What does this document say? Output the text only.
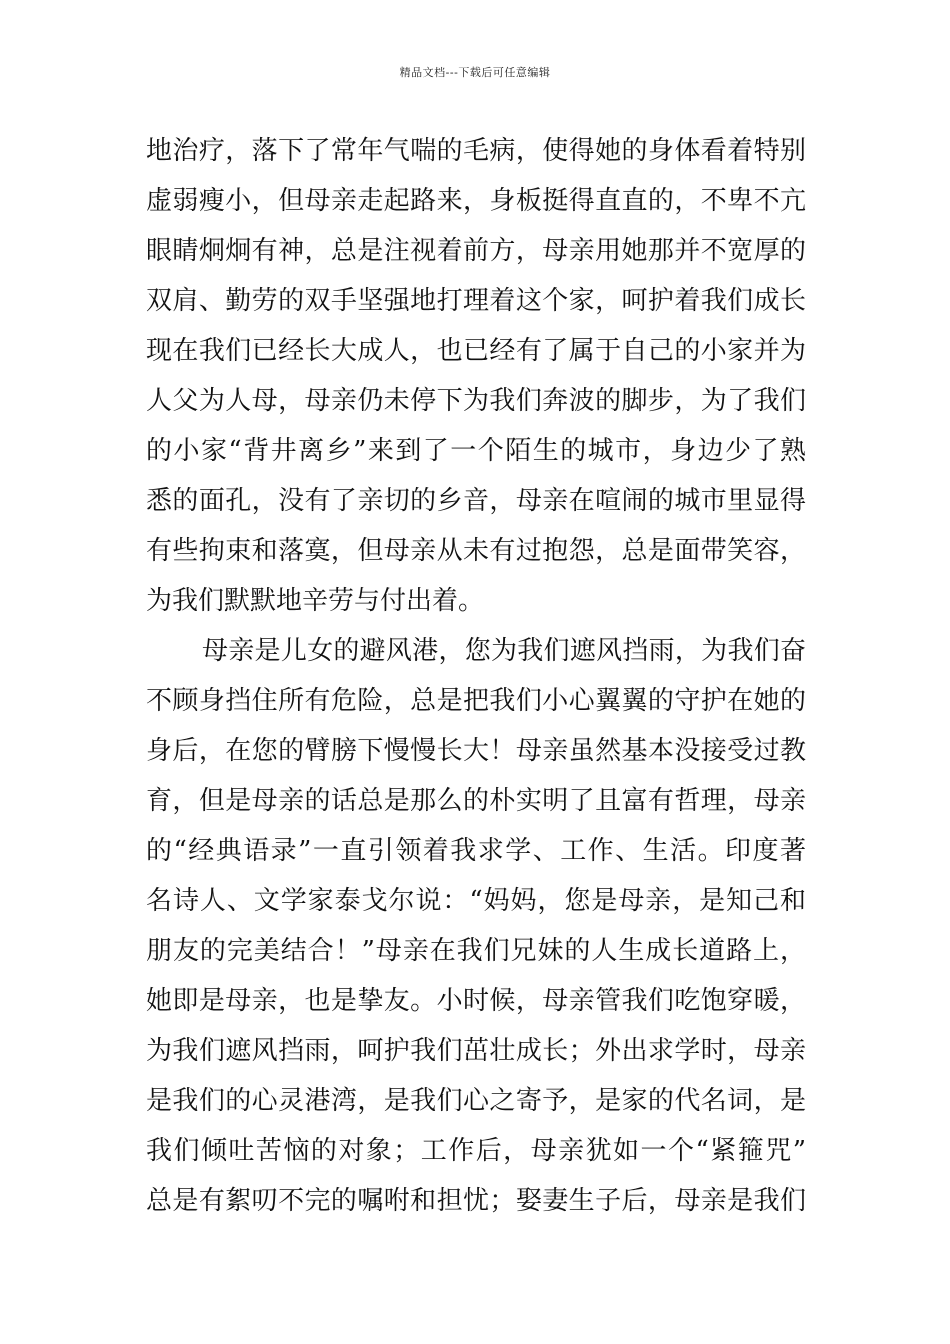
精品文档---下载后可任意编辑
地治疗，落下了常年气喘的毛病，使得她的身体看着特别
虚弱瘦小，但母亲走起路来，身板挺得直直的，不卑不亢
眼睛炯炯有神，总是注视着前方，母亲用她那并不宽厚的
双肩、勤劳的双手坚强地打理着这个家，呵护着我们成长
现在我们已经长大成人，也已经有了属于自己的小家并为
人父为人母，母亲仍未停下为我们奔波的脚步，为了我们
的小家“背井离乡”来到了一个陌生的城市，身边少了熟
悉的面孔，没有了亲切的乡音，母亲在喧闹的城市里显得
有些拘束和落寞，但母亲从未有过抱怨，总是面带笑容，
为我们默默地辛劳与付出着。
母亲是儿女的避风港，您为我们遮风挡雨，为我们奋
不顾身挡住所有危险，总是把我们小心翼翼的守护在她的
身后，在您的臂膀下慢慢长大！母亲虽然基本没接受过教
育，但是母亲的话总是那么的朴实明了且富有哲理，母亲
的“经典语录”一直引领着我求学、工作、生活。印度著
名诗人、文学家泰戈尔说：“妈妈，您是母亲，是知己和
朋友的完美结合！”母亲在我们兄妹的人生成长道路上，
她即是母亲，也是挚友。小时候，母亲管我们吃饱穿暖，
为我们遮风挡雨，呵护我们茁壮成长；外出求学时，母亲
是我们的心灵港湾，是我们心之寄予，是家的代名词，是
我们倾吐苦恼的对象；工作后，母亲犹如一个“紧箍咒”
总是有絮叨不完的嘱咐和担忧；娶妻生子后，母亲是我们
